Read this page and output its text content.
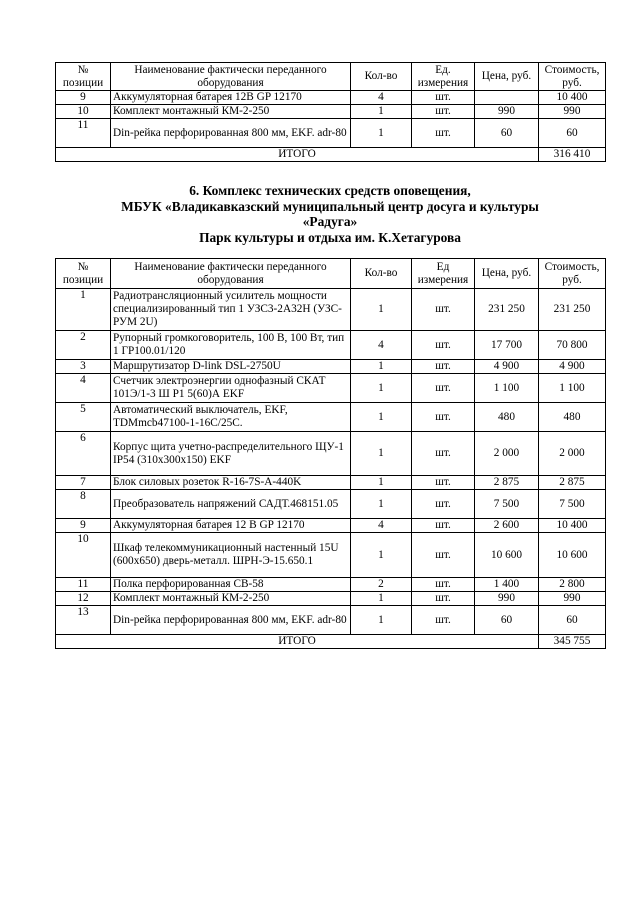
№ позиции	Наименование фактически переданного оборудования	Кол-во	Ед. измерения	Цена, руб.	Стоимость, руб.
9	Аккумуляторная батарея 12В GP 12170	4	шт.		10 400
10	Комплект монтажный КМ-2-250	1	шт.	990	990
11	Din-рейка перфорированная 800 мм, EKF. adr-80	1	шт.	60	60
ИТОГО					316 410
6. Комплекс технических средств оповещения,
МБУК «Владикавказский муниципальный центр досуга и культуры
«Радуга»
Парк культуры и отдыха им. К.Хетагурова
№ позиции	Наименование фактически переданного оборудования	Кол-во	Ед измерения	Цена, руб.	Стоимость, руб.
1	Радиотрансляционный усилитель мощности специализированный тип 1 УЗС3-2А32Н (УЗС-РУМ 2U)	1	шт.	231 250	231 250
2	Рупорный громкоговоритель, 100 В, 100 Вт, тип 1 ГР100.01/120	4	шт.	17 700	70 800
3	Маршрутизатор D-link DSL-2750U	1	шт.	4 900	4 900
4	Счетчик электроэнергии однофазный СКАТ 101Э/1-3 Ш Р1 5(60)А EKF	1	шт.	1 100	1 100
5	Автоматический выключатель, EKF, TDMmcb47100-1-16C/25C.	1	шт.	480	480
6	Корпус щита учетно-распределительного ЩУ-1 IP54 (310х300х150) EKF	1	шт.	2 000	2 000
7	Блок силовых розеток R-16-7S-A-440K	1	шт.	2 875	2 875
8	Преобразователь напряжений САДТ.468151.05	1	шт.	7 500	7 500
9	Аккумуляторная батарея 12 В GP 12170	4	шт.	2 600	10 400
10	Шкаф телекоммуникационный настенный 15U (600х650) дверь-металл. ШРН-Э-15.650.1	1	шт.	10 600	10 600
11	Полка перфорированная СВ-58	2	шт.	1 400	2 800
12	Комплект монтажный КМ-2-250	1	шт.	990	990
13	Din-рейка перфорированная 800 мм, EKF. adr-80	1	шт.	60	60
ИТОГО					345 755
